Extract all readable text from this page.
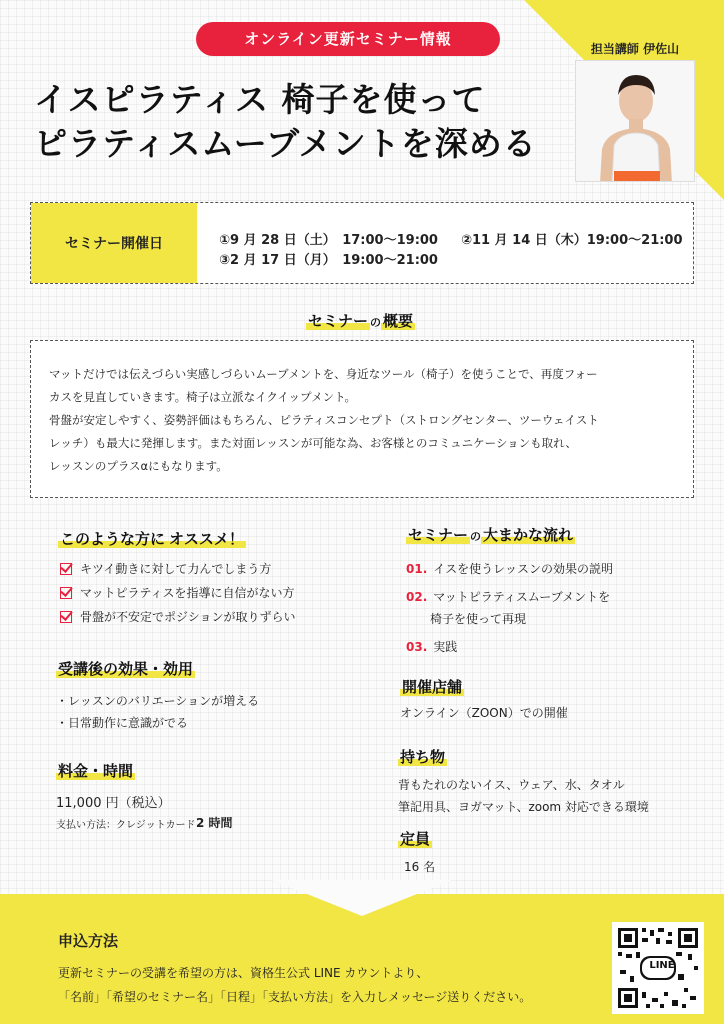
オンライン更新セミナー情報
イスピラティス 椅子を使って
ピラティスムーブメントを深める
担当講師 伊佐山
セミナー開催日	①9 月 28 日（土）　17:00〜19:00 ②11 月 14 日（木）19:00〜21:00
③2 月 17 日（月）　19:00〜21:00
セミナー の 概要
マットだけでは伝えづらい実感しづらいムーブメントを、身近なツール（椅子）を使うことで、再度フォー
カスを見直していきます。椅子は立派なイクイップメント。
骨盤が安定しやすく、姿勢評価はもちろん、ピラティスコンセプト（ストロングセンター、ツーウェイスト
レッチ）も最大に発揮します。また対面レッスンが可能な為、お客様とのコミュニケーションも取れ、
レッスンのプラスαにもなります。
このような方に オススメ！
キツイ動きに対して力んでしまう方
マットピラティスを指導に自信がない方
骨盤が不安定でポジションが取りずらい
セミナー の 大まかな流れ
01. イスを使うレッスンの効果の説明
02. マットピラティスムーブメントを
椅子を使って再現
03. 実践
受講後の効果・効用
・レッスンのバリエーションが増える
・日常動作に意識がでる
開催店舗
オンライン（ZOON）での開催
料金・時間
11,000 円（税込）
支払い方法：クレジットカード 2 時間
持ち物
背もたれのないイス、ウェア、水、タオル
筆記用具、ヨガマット、zoom 対応できる環境
定員
16 名
申込方法
更新セミナーの受講を希望の方は、資格生公式 LINE カウントより、
「名前」「希望のセミナー名」「日程」「支払い方法」を入力しメッセージ送りください。
LINE
